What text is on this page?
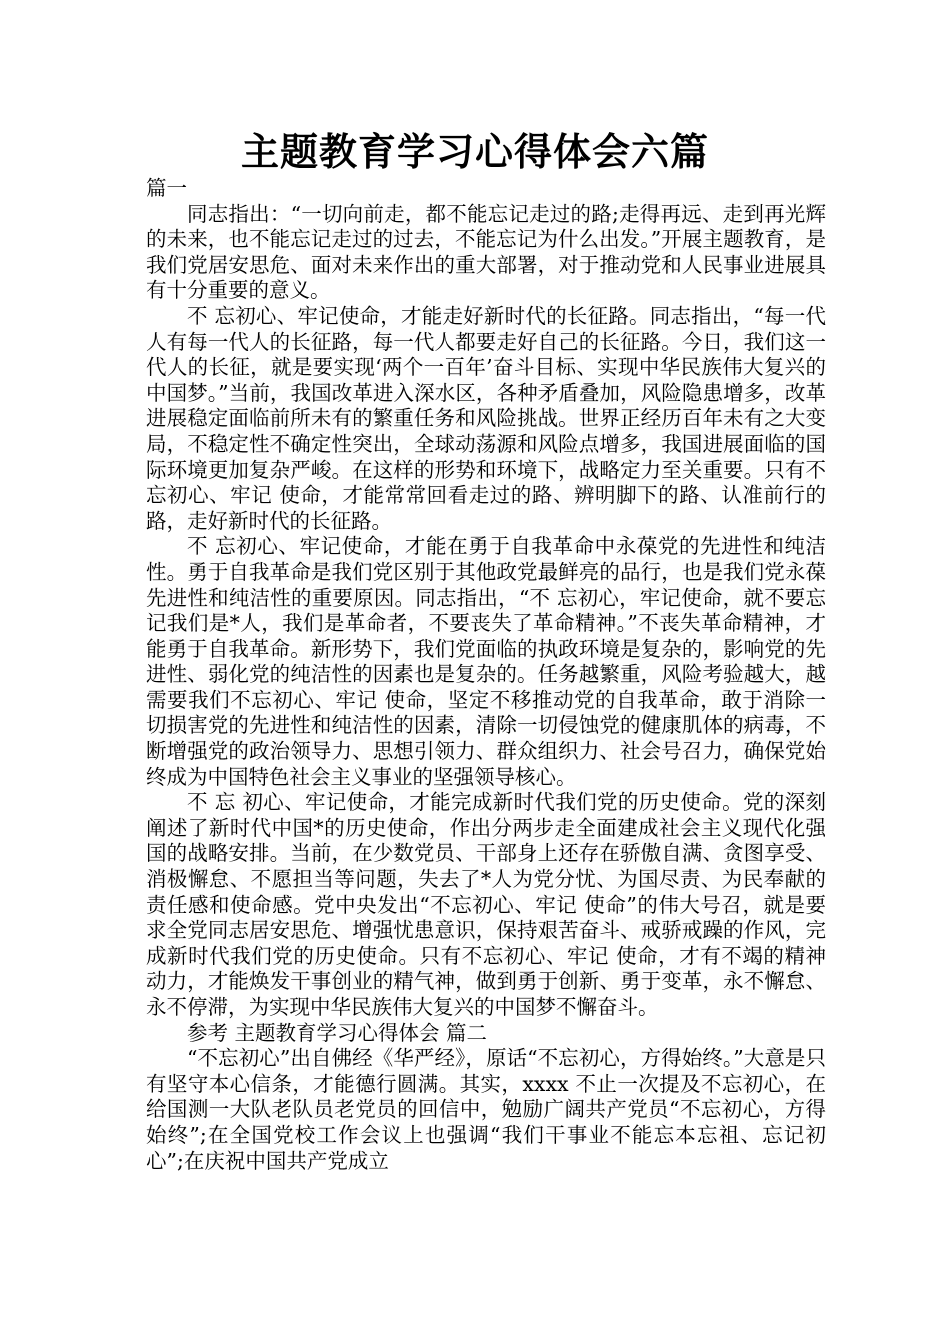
主题教育学习心得体会六篇

篇一

同志指出：“一切向前走，都不能忘记走过的路;走得再远、走到再光辉的未来，也不能忘记走过的过去，不能忘记为什么出发。”开展主题教育，是我们党居安思危、面对未来作出的重大部署，对于推动党和人民事业进展具有十分重要的意义。

不 忘初心、牢记使命，才能走好新时代的长征路。同志指出，“每一代人有每一代人的长征路，每一代人都要走好自己的长征路。今日，我们这一代人的长征，就是要实现‘两个一百年’奋斗目标、实现中华民族伟大复兴的中国梦。”当前，我国改革进入深水区，各种矛盾叠加，风险隐患增多，改革进展稳定面临前所未有的繁重任务和风险挑战。世界正经历百年未有之大变局，不稳定性不确定性突出，全球动荡源和风险点增多，我国进展面临的国际环境更加复杂严峻。在这样的形势和环境下，战略定力至关重要。只有不忘初心、牢记 使命，才能常常回看走过的路、辨明脚下的路、认准前行的路，走好新时代的长征路。

不 忘初心、牢记使命，才能在勇于自我革命中永葆党的先进性和纯洁性。勇于自我革命是我们党区别于其他政党最鲜亮的品行，也是我们党永葆先进性和纯洁性的重要原因。同志指出，“不 忘初心，牢记使命，就不要忘记我们是*人，我们是革命者，不要丧失了革命精神。”不丧失革命精神，才能勇于自我革命。新形势下，我们党面临的执政环境是复杂的，影响党的先进性、弱化党的纯洁性的因素也是复杂的。任务越繁重，风险考验越大，越需要我们不忘初心、牢记 使命，坚定不移推动党的自我革命，敢于消除一切损害党的先进性和纯洁性的因素，清除一切侵蚀党的健康肌体的病毒，不断增强党的政治领导力、思想引领力、群众组织力、社会号召力，确保党始终成为中国特色社会主义事业的坚强领导核心。

不 忘 初心、牢记使命，才能完成新时代我们党的历史使命。党的深刻阐述了新时代中国*的历史使命，作出分两步走全面建成社会主义现代化强国的战略安排。当前，在少数党员、干部身上还存在骄傲自满、贪图享受、消极懈怠、不愿担当等问题，失去了*人为党分忧、为国尽责、为民奉献的责任感和使命感。党中央发出“不忘初心、牢记 使命”的伟大号召，就是要求全党同志居安思危、增强忧患意识，保持艰苦奋斗、戒骄戒躁的作风，完成新时代我们党的历史使命。只有不忘初心、牢记 使命，才有不竭的精神动力，才能焕发干事创业的精气神，做到勇于创新、勇于变革，永不懈怠、永不停滞，为实现中华民族伟大复兴的中国梦不懈奋斗。

参考 主题教育学习心得体会 篇二

“不忘初心”出自佛经《华严经》，原话“不忘初心，方得始终。”大意是只有坚守本心信条，才能德行圆满。其实，xxxx 不止一次提及不忘初心，在给国测一大队老队员老党员的回信中，勉励广阔共产党员“不忘初心，方得始终”;在全国党校工作会议上也强调“我们干事业不能忘本忘祖、忘记初心”;在庆祝中国共产党成立
